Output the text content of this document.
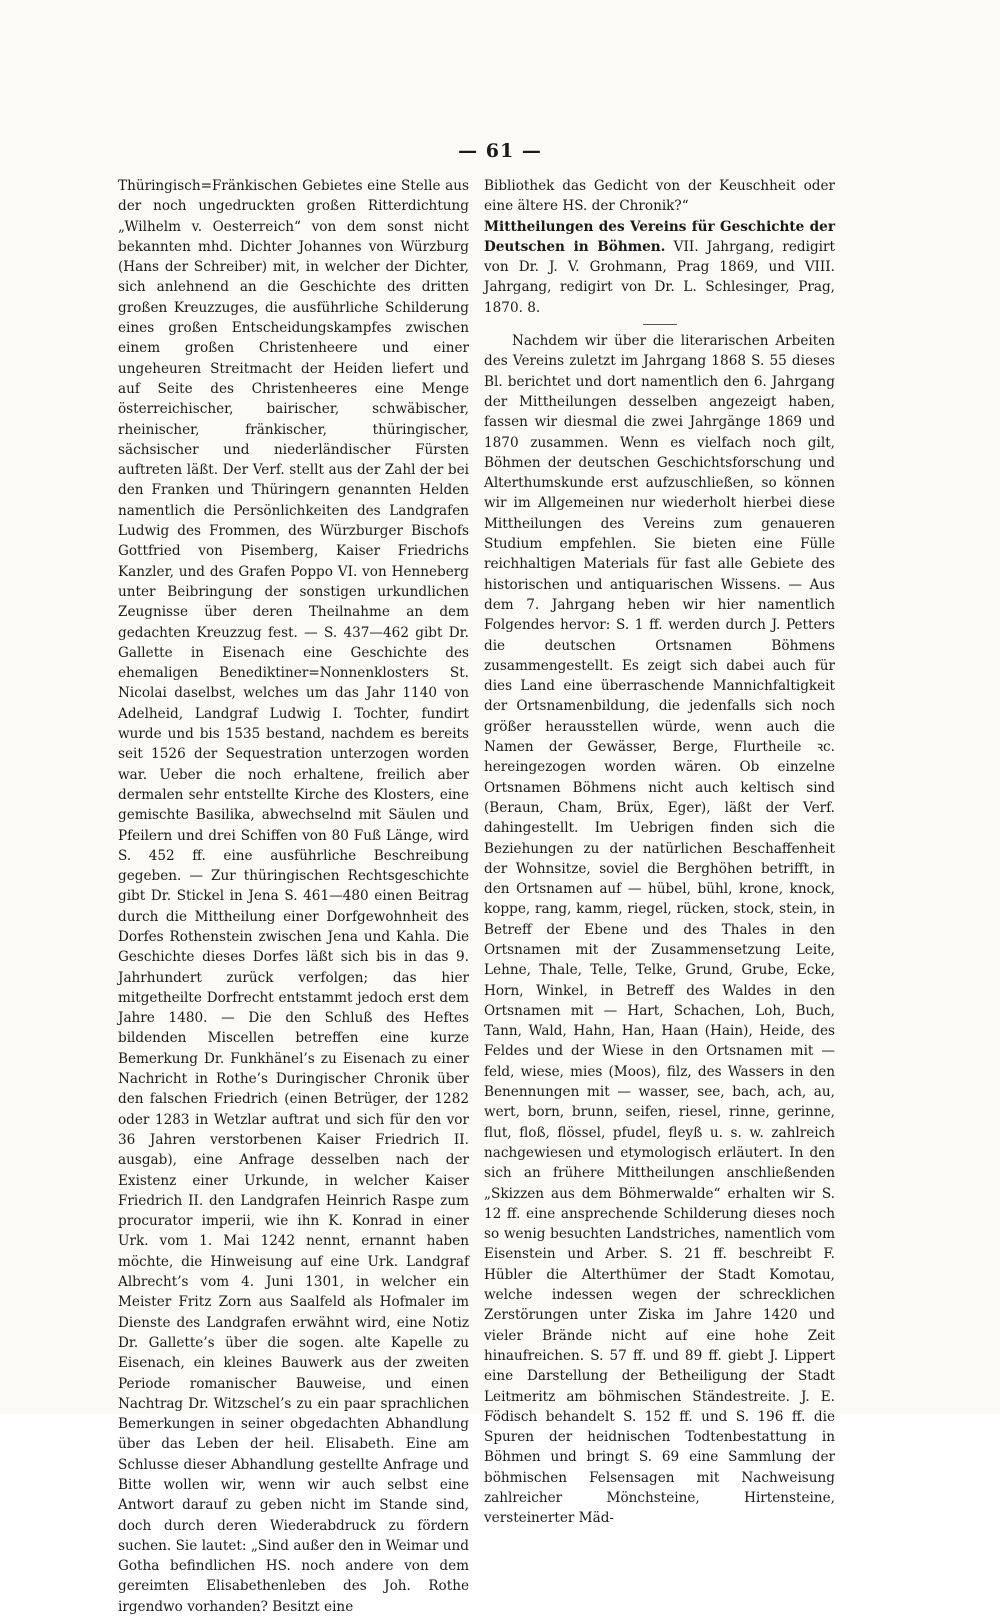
— 61 —

Thüringisch=Fränkischen Gebietes eine Stelle aus der noch ungedruckten großen Ritterdichtung „Wilhelm v. Oesterreich“ von dem sonst nicht bekannten mhd. Dichter Johannes von Würzburg (Hans der Schreiber) mit, in welcher der Dichter, sich anlehnend an die Geschichte des dritten großen Kreuzzuges, die ausführliche Schilderung eines großen Entscheidungskampfes zwischen einem großen Christenheere und einer ungeheuren Streitmacht der Heiden liefert und auf Seite des Christenheeres eine Menge österreichischer, bairischer, schwäbischer, rheinischer, fränkischer, thüringischer, sächsischer und niederländischer Fürsten auftreten läßt. Der Verf. stellt aus der Zahl der bei den Franken und Thüringern genannten Helden namentlich die Persönlichkeiten des Landgrafen Ludwig des Frommen, des Würzburger Bischofs Gottfried von Pisemberg, Kaiser Friedrichs Kanzler, und des Grafen Poppo VI. von Henneberg unter Beibringung der sonstigen urkundlichen Zeugnisse über deren Theilnahme an dem gedachten Kreuzzug fest. — S. 437—462 gibt Dr. Gallette in Eisenach eine Geschichte des ehemaligen Benediktiner=Nonnenklosters St. Nicolai daselbst, welches um das Jahr 1140 von Adelheid, Landgraf Ludwig I. Tochter, fundirt wurde und bis 1535 bestand, nachdem es bereits seit 1526 der Sequestration unterzogen worden war. Ueber die noch erhaltene, freilich aber dermalen sehr entstellte Kirche des Klosters, eine gemischte Basilika, abwechselnd mit Säulen und Pfeilern und drei Schiffen von 80 Fuß Länge, wird S. 452 ff. eine ausführliche Beschreibung gegeben. — Zur thüringischen Rechtsgeschichte gibt Dr. Stickel in Jena S. 461—480 einen Beitrag durch die Mittheilung einer Dorfgewohnheit des Dorfes Rothenstein zwischen Jena und Kahla. Die Geschichte dieses Dorfes läßt sich bis in das 9. Jahrhundert zurück verfolgen; das hier mitgetheilte Dorfrecht entstammt jedoch erst dem Jahre 1480. — Die den Schluß des Heftes bildenden Miscellen betreffen eine kurze Bemerkung Dr. Funkhänel’s zu Eisenach zu einer Nachricht in Rothe’s Duringischer Chronik über den falschen Friedrich (einen Betrüger, der 1282 oder 1283 in Wetzlar auftrat und sich für den vor 36 Jahren verstorbenen Kaiser Friedrich II. ausgab), eine Anfrage desselben nach der Existenz einer Urkunde, in welcher Kaiser Friedrich II. den Landgrafen Heinrich Raspe zum procurator imperii, wie ihn K. Konrad in einer Urk. vom 1. Mai 1242 nennt, ernannt haben möchte, die Hinweisung auf eine Urk. Landgraf Albrecht’s vom 4. Juni 1301, in welcher ein Meister Fritz Zorn aus Saalfeld als Hofmaler im Dienste des Landgrafen erwähnt wird, eine Notiz Dr. Gallette’s über die sogen. alte Kapelle zu Eisenach, ein kleines Bauwerk aus der zweiten Periode romanischer Bauweise, und einen Nachtrag Dr. Witzschel’s zu ein paar sprachlichen Bemerkungen in seiner obgedachten Abhandlung über das Leben der heil. Elisabeth. Eine am Schlusse dieser Abhandlung gestellte Anfrage und Bitte wollen wir, wenn wir auch selbst eine Antwort darauf zu geben nicht im Stande sind, doch durch deren Wiederabdruck zu fördern suchen. Sie lautet: „Sind außer den in Weimar und Gotha befindlichen HS. noch andere von dem gereimten Elisabethenleben des Joh. Rothe irgendwo vorhanden? Besitzt eine

Bibliothek das Gedicht von der Keuschheit oder eine ältere HS. der Chronik?“

Mittheilungen des Vereins für Geschichte der Deutschen in Böhmen. VII. Jahrgang, redigirt von Dr. J. V. Grohmann, Prag 1869, und VIII. Jahrgang, redigirt von Dr. L. Schlesinger, Prag, 1870. 8.

Nachdem wir über die literarischen Arbeiten des Vereins zuletzt im Jahrgang 1868 S. 55 dieses Bl. berichtet und dort namentlich den 6. Jahrgang der Mittheilungen desselben angezeigt haben, fassen wir diesmal die zwei Jahrgänge 1869 und 1870 zusammen. Wenn es vielfach noch gilt, Böhmen der deutschen Geschichtsforschung und Alterthumskunde erst aufzuschließen, so können wir im Allgemeinen nur wiederholt hierbei diese Mittheilungen des Vereins zum genaueren Studium empfehlen. Sie bieten eine Fülle reichhaltigen Materials für fast alle Gebiete des historischen und antiquarischen Wissens. — Aus dem 7. Jahrgang heben wir hier namentlich Folgendes hervor: S. 1 ff. werden durch J. Petters die deutschen Ortsnamen Böhmens zusammengestellt. Es zeigt sich dabei auch für dies Land eine überraschende Mannichfaltigkeit der Ortsnamenbildung, die jedenfalls sich noch größer herausstellen würde, wenn auch die Namen der Gewässer, Berge, Flurtheile ꝛc. hereingezogen worden wären. Ob einzelne Ortsnamen Böhmens nicht auch keltisch sind (Beraun, Cham, Brüx, Eger), läßt der Verf. dahingestellt. Im Uebrigen finden sich die Beziehungen zu der natürlichen Beschaffenheit der Wohnsitze, soviel die Berghöhen betrifft, in den Ortsnamen auf — hübel, bühl, krone, knock, koppe, rang, kamm, riegel, rücken, stock, stein, in Betreff der Ebene und des Thales in den Ortsnamen mit der Zusammensetzung Leite, Lehne, Thale, Telle, Telke, Grund, Grube, Ecke, Horn, Winkel, in Betreff des Waldes in den Ortsnamen mit — Hart, Schachen, Loh, Buch, Tann, Wald, Hahn, Han, Haan (Hain), Heide, des Feldes und der Wiese in den Ortsnamen mit — feld, wiese, mies (Moos), filz, des Wassers in den Benennungen mit — wasser, see, bach, ach, au, wert, born, brunn, seifen, riesel, rinne, gerinne, flut, floß, flössel, pfudel, fleyß u. s. w. zahlreich nachgewiesen und etymologisch erläutert. In den sich an frühere Mittheilungen anschließenden „Skizzen aus dem Böhmerwalde“ erhalten wir S. 12 ff. eine ansprechende Schilderung dieses noch so wenig besuchten Landstriches, namentlich vom Eisenstein und Arber. S. 21 ff. beschreibt F. Hübler die Alterthümer der Stadt Komotau, welche indessen wegen der schrecklichen Zerstörungen unter Ziska im Jahre 1420 und vieler Brände nicht auf eine hohe Zeit hinaufreichen. S. 57 ff. und 89 ff. giebt J. Lippert eine Darstellung der Betheiligung der Stadt Leitmeritz am böhmischen Ständestreite. J. E. Födisch behandelt S. 152 ff. und S. 196 ff. die Spuren der heidnischen Todtenbestattung in Böhmen und bringt S. 69 eine Sammlung der böhmischen Felsensagen mit Nachweisung zahlreicher Mönchsteine, Hirtensteine, versteinerter Mäd-
